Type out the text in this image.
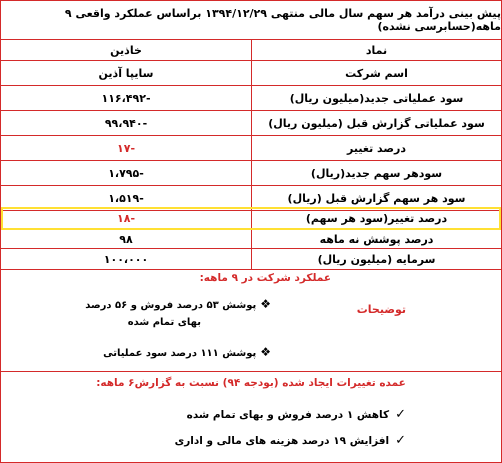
پیش بینی درآمد هر سهم سال مالی منتهی ۱۳۹۴/۱۲/۲۹ براساس عملکرد واقعی ۹ ماهه(حسابرسی نشده)
نماد
خاذین
اسم شرکت
سایپا آذین
سود عملیاتی جدید(میلیون ریال)
-۱۱۶،۴۹۲
سود عملیاتی گزارش قبل (میلیون ریال)
-۹۹،۹۴۰
درصد تغییر
-۱۷
سودهر سهم جدید(ریال)
-۱،۷۹۵
سود هر سهم گزارش قبل (ریال)
-۱،۵۱۹
درصد تغییر(سود هر سهم)
-۱۸
درصد پوشش نه ماهه
۹۸
سرمایه (میلیون ریال)
۱۰۰،۰۰۰
عملکرد شرکت در ۹ ماهه:
توضیحات
❖پوشش ۵۳ درصد فروش و ۵۶ درصد
بهای تمام شده
❖پوشش ۱۱۱ درصد سود عملیاتی
عمده تغییرات ایجاد شده (بودجه ۹۴) نسبت به گزارش۶ ماهه:
✓کاهش ۱ درصد فروش و بهای تمام شده
✓افزایش ۱۹ درصد هزینه های مالی و اداری
